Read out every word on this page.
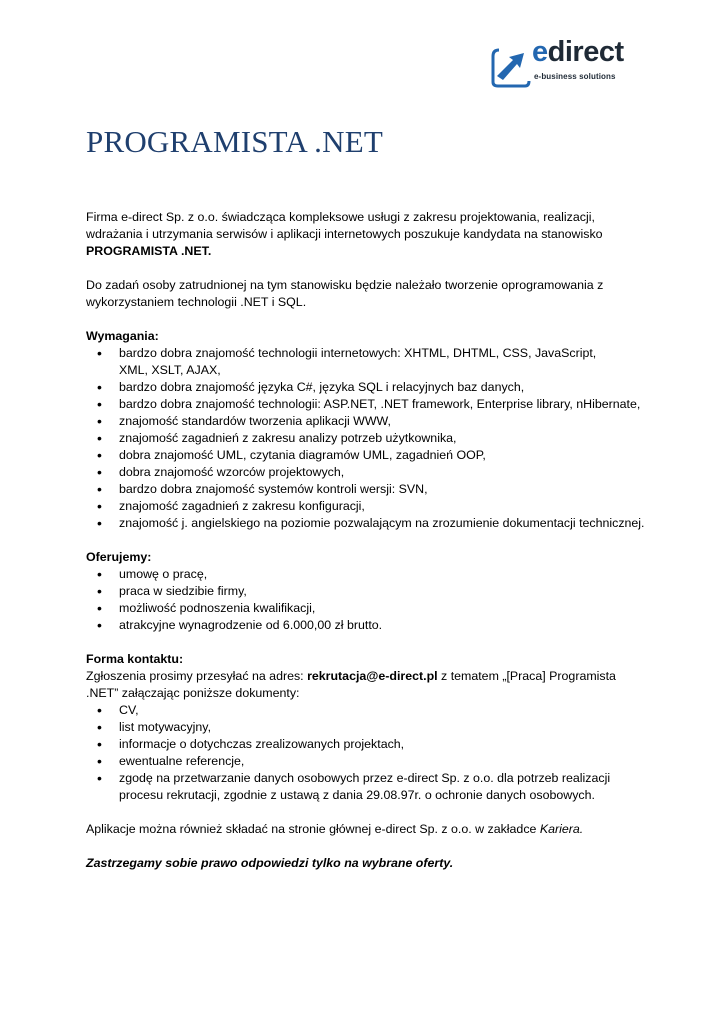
edirect
e-business solutions
PROGRAMISTA .NET

Firma e-direct Sp. z o.o. świadcząca kompleksowe usługi z zakresu projektowania, realizacji, wdrażania i utrzymania serwisów i aplikacji internetowych poszukuje kandydata na stanowisko PROGRAMISTA .NET.

Do zadań osoby zatrudnionej na tym stanowisku będzie należało tworzenie oprogramowania z wykorzystaniem technologii .NET i SQL.

Wymagania:

• bardzo dobra znajomość technologii internetowych: XHTML, DHTML, CSS, JavaScript, XML, XSLT, AJAX,
• bardzo dobra znajomość języka C#, języka SQL i relacyjnych baz danych,
• bardzo dobra znajomość technologii: ASP.NET, .NET framework, Enterprise library, nHibernate,
• znajomość standardów tworzenia aplikacji WWW,
• znajomość zagadnień z zakresu analizy potrzeb użytkownika,
• dobra znajomość UML, czytania diagramów UML, zagadnień OOP,
• dobra znajomość wzorców projektowych,
• bardzo dobra znajomość systemów kontroli wersji: SVN,
• znajomość zagadnień z zakresu konfiguracji,
• znajomość j. angielskiego na poziomie pozwalającym na zrozumienie dokumentacji technicznej.

Oferujemy:

• umowę o pracę,
• praca w siedzibie firmy,
• możliwość podnoszenia kwalifikacji,
• atrakcyjne wynagrodzenie od 6.000,00 zł brutto.

Forma kontaktu:

Zgłoszenia prosimy przesyłać na adres: rekrutacja@e-direct.pl z tematem „[Praca] Programista .NET” załączając poniższe dokumenty:

• CV,
• list motywacyjny,
• informacje o dotychczas zrealizowanych projektach,
• ewentualne referencje,
• zgodę na przetwarzanie danych osobowych przez e-direct Sp. z o.o. dla potrzeb realizacji procesu rekrutacji, zgodnie z ustawą z dania 29.08.97r. o ochronie danych osobowych.

Aplikacje można również składać na stronie głównej e-direct Sp. z o.o. w zakładce Kariera.

Zastrzegamy sobie prawo odpowiedzi tylko na wybrane oferty.
